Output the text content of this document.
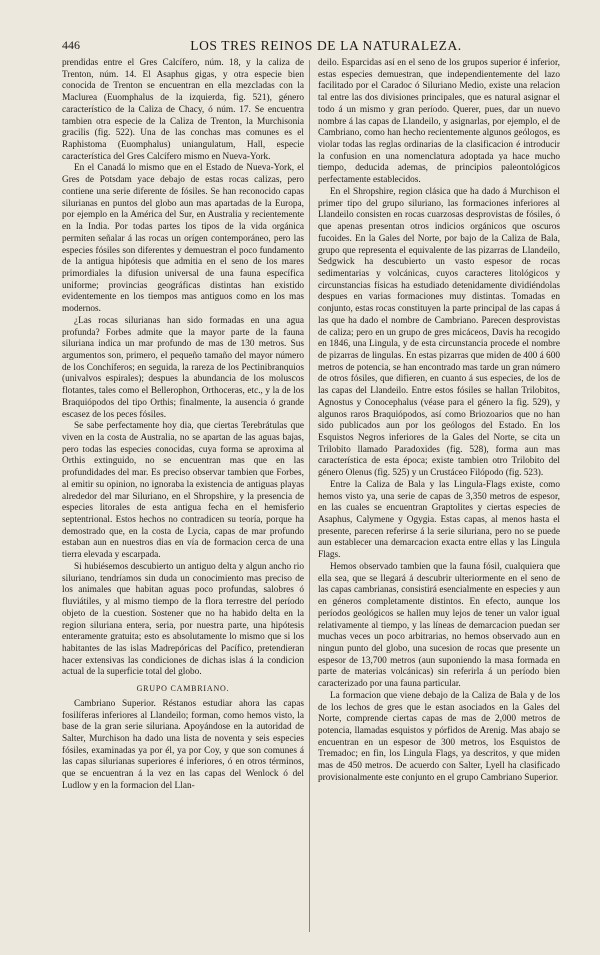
446	LOS TRES REINOS DE LA NATURALEZA.

prendidas entre el Gres Calcífero, núm. 18, y la caliza de Trenton, núm. 14. El Asaphus gigas, y otra especie bien conocida de Trenton se encuentran en ella mezcladas con la Maclurea (Euomphalus de la izquierda, fig. 521), género característico de la Caliza de Chacy, ó núm. 17. Se encuentra tambien otra especie de la Caliza de Trenton, la Murchisonia gracilis (fig. 522). Una de las conchas mas comunes es el Raphistoma (Euomphalus) uniangulatum, Hall, especie característica del Gres Calcífero mismo en Nueva-York.

En el Canadá lo mismo que en el Estado de Nueva-York, el Gres de Potsdam yace debajo de estas rocas calizas, pero contiene una serie diferente de fósiles. Se han reconocido capas silurianas en puntos del globo aun mas apartadas de la Europa, por ejemplo en la América del Sur, en Australia y recientemente en la India. Por todas partes los tipos de la vida orgánica permiten señalar á las rocas un orígen contemporáneo, pero las especies fósiles son diferentes y demuestran el poco fundamento de la antigua hipótesis que admitia en el seno de los mares primordiales la difusion universal de una fauna específica uniforme; provincias geográficas distintas han existido evidentemente en los tiempos mas antiguos como en los mas modernos.

¿Las rocas silurianas han sido formadas en una agua profunda? Forbes admite que la mayor parte de la fauna siluriana indica un mar profundo de mas de 130 metros. Sus argumentos son, primero, el pequeño tamaño del mayor número de los Conchíferos; en seguida, la rareza de los Pectinibranquios (univalvos espirales); despues la abundancia de los moluscos flotantes, tales como el Bellerophon, Orthoceras, etc., y la de los Braquiópodos del tipo Orthis; finalmente, la ausencia ó grande escasez de los peces fósiles.

Se sabe perfectamente hoy dia, que ciertas Terebrátulas que viven en la costa de Australia, no se apartan de las aguas bajas, pero todas las especies conocidas, cuya forma se aproxima al Orthis extinguido, no se encuentran mas que en las profundidades del mar. Es preciso observar tambien que Forbes, al emitir su opinion, no ignoraba la existencia de antiguas playas alrededor del mar Siluriano, en el Shropshire, y la presencia de especies litorales de esta antigua fecha en el hemisferio septentrional. Estos hechos no contradicen su teoría, porque ha demostrado que, en la costa de Lycia, capas de mar profundo estaban aun en nuestros dias en vía de formacion cerca de una tierra elevada y escarpada.

Si hubiésemos descubierto un antiguo delta y algun ancho rio siluriano, tendríamos sin duda un conocimiento mas preciso de los animales que habitan aguas poco profundas, salobres ó fluviátiles, y al mismo tiempo de la flora terrestre del período objeto de la cuestion. Sostener que no ha habido delta en la region siluriana entera, seria, por nuestra parte, una hipótesis enteramente gratuita; esto es absolutamente lo mismo que si los habitantes de las islas Madrepóricas del Pacífico, pretendieran hacer extensivas las condiciones de dichas islas á la condicion actual de la superficie total del globo.

GRUPO CAMBRIANO.

Cambriano Superior. Réstanos estudiar ahora las capas fosilíferas inferiores al Llandeilo; forman, como hemos visto, la base de la gran serie siluriana. Apoyándose en la autoridad de Salter, Murchison ha dado una lista de noventa y seis especies fósiles, examinadas ya por él, ya por Coy, y que son comunes á las capas silurianas superiores é inferiores, ó en otros términos, que se encuentran á la vez en las capas del Wenlock ó del Ludlow y en la formacion del Llan-

deilo. Esparcidas así en el seno de los grupos superior é inferior, estas especies demuestran, que independientemente del lazo facilitado por el Caradoc ó Siluriano Medio, existe una relacion tal entre las dos divisiones principales, que es natural asignar el todo á un mismo y gran período. Querer, pues, dar un nuevo nombre á las capas de Llandeilo, y asignarlas, por ejemplo, el de Cambriano, como han hecho recientemente algunos geólogos, es violar todas las reglas ordinarias de la clasificacion é introducir la confusion en una nomenclatura adoptada ya hace mucho tiempo, deducida ademas, de principios paleontológicos perfectamente establecidos.

En el Shropshire, region clásica que ha dado á Murchison el primer tipo del grupo siluriano, las formaciones inferiores al Llandeilo consisten en rocas cuarzosas desprovistas de fósiles, ó que apenas presentan otros indicios orgánicos que oscuros fucoides. En la Gales del Norte, por bajo de la Caliza de Bala, grupo que representa el equivalente de las pizarras de Llandeilo, Sedgwick ha descubierto un vasto espesor de rocas sedimentarias y volcánicas, cuyos caracteres litológicos y circunstancias físicas ha estudiado detenidamente dividiéndolas despues en varias formaciones muy distintas. Tomadas en conjunto, estas rocas constituyen la parte principal de las capas á las que ha dado el nombre de Cambriano. Parecen desprovistas de caliza; pero en un grupo de gres micáceos, Davis ha recogido en 1846, una Lingula, y de esta circunstancia procede el nombre de pizarras de lingulas. En estas pizarras que miden de 400 á 600 metros de potencia, se han encontrado mas tarde un gran número de otros fósiles, que difieren, en cuanto á sus especies, de los de las capas del Llandeilo. Entre estos fósiles se hallan Trilobitos, Agnostus y Conocephalus (véase para el género la fig. 529), y algunos raros Braquiópodos, así como Briozoarios que no han sido publicados aun por los geólogos del Estado. En los Esquistos Negros inferiores de la Gales del Norte, se cita un Trilobito llamado Paradoxides (fig. 528), forma aun mas característica de esta época; existe tambien otro Trilobito del género Olenus (fig. 525) y un Crustáceo Filópodo (fig. 523).

Entre la Caliza de Bala y las Lingula-Flags existe, como hemos visto ya, una serie de capas de 3,350 metros de espesor, en las cuales se encuentran Graptolites y ciertas especies de Asaphus, Calymene y Ogygia. Estas capas, al menos hasta el presente, parecen referirse á la serie siluriana, pero no se puede aun establecer una demarcacion exacta entre ellas y las Lingula Flags.

Hemos observado tambien que la fauna fósil, cualquiera que ella sea, que se llegará á descubrir ulteriormente en el seno de las capas cambrianas, consistirá esencialmente en especies y aun en géneros completamente distintos. En efecto, aunque los períodos geológicos se hallen muy lejos de tener un valor igual relativamente al tiempo, y las líneas de demarcacion puedan ser muchas veces un poco arbitrarias, no hemos observado aun en ningun punto del globo, una sucesion de rocas que presente un espesor de 13,700 metros (aun suponiendo la masa formada en parte de materias volcánicas) sin referirla á un período bien caracterizado por una fauna particular.

La formacion que viene debajo de la Caliza de Bala y de los de los lechos de gres que le estan asociados en la Gales del Norte, comprende ciertas capas de mas de 2,000 metros de potencia, llamadas esquistos y pórfidos de Arenig. Mas abajo se encuentran en un espesor de 300 metros, los Esquistos de Tremadoc; en fin, los Lingula Flags, ya descritos, y que miden mas de 450 metros. De acuerdo con Salter, Lyell ha clasificado provisionalmente este conjunto en el grupo Cambriano Superior.
